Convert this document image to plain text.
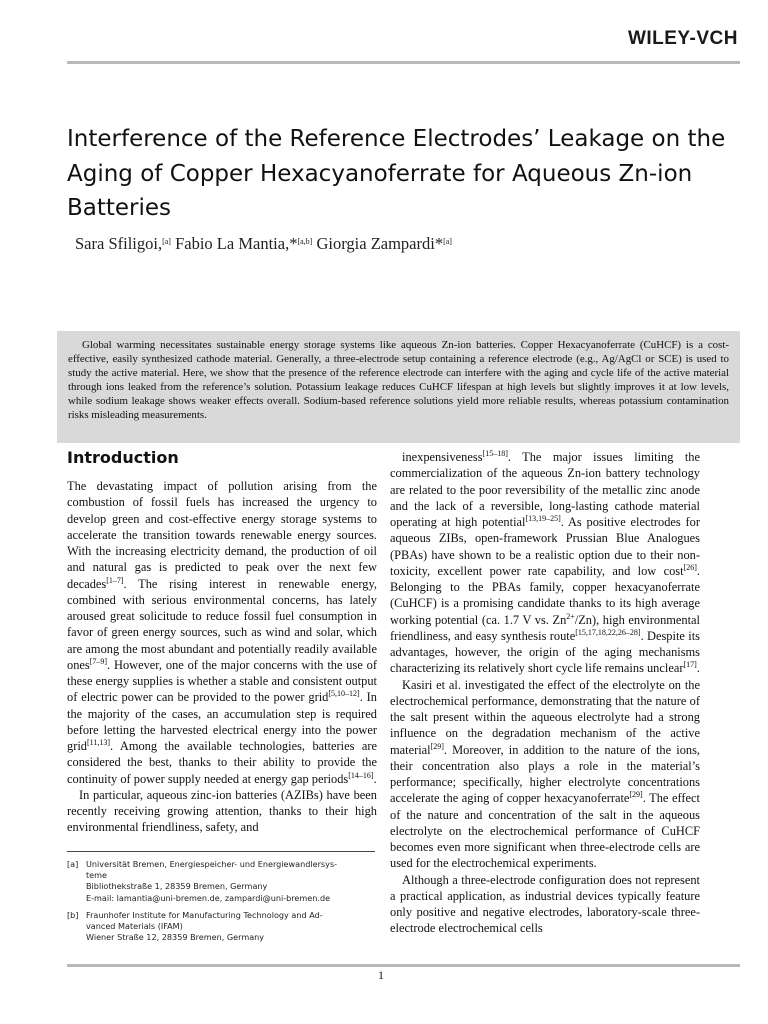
WILEY-VCH
Interference of the Reference Electrodes’ Leakage on the Aging of Copper Hexacyanoferrate for Aqueous Zn-ion Batteries
Sara Sfiligoi,[a] Fabio La Mantia,*[a,b] Giorgia Zampardi*[a]
Global warming necessitates sustainable energy storage systems like aqueous Zn-ion batteries. Copper Hexacyanoferrate (CuHCF) is a cost-effective, easily synthesized cathode material. Generally, a three-electrode setup containing a reference electrode (e.g., Ag/AgCl or SCE) is used to study the active material. Here, we show that the presence of the reference electrode can interfere with the aging and cycle life of the active material through ions leaked from the reference’s solution. Potassium leakage reduces CuHCF lifespan at high levels but slightly improves it at low levels, while sodium leakage shows weaker effects overall. Sodium-based reference solutions yield more reliable results, whereas potassium contamination risks misleading measurements.
Introduction

The devastating impact of pollution arising from the combustion of fossil fuels has increased the urgency to develop green and cost-effective energy storage systems to accelerate the transition towards renewable energy sources. With the increasing electricity demand, the production of oil and natural gas is predicted to peak over the next few decades[1–7]. The rising interest in renewable energy, combined with serious environmental concerns, has lately aroused great solicitude to reduce fossil fuel consumption in favor of green energy sources, such as wind and solar, which are among the most abundant and potentially readily available ones[7–9]. However, one of the major concerns with the use of these energy supplies is whether a stable and consistent output of electric power can be provided to the power grid[5,10–12]. In the majority of the cases, an accumulation step is required before letting the harvested electrical energy into the power grid[11,13]. Among the available technologies, batteries are considered the best, thanks to their ability to provide the continuity of power supply needed at energy gap periods[14–16].

In particular, aqueous zinc-ion batteries (AZIBs) have been recently receiving growing attention, thanks to their high environmental friendliness, safety, and

inexpensiveness[15–18]. The major issues limiting the commercialization of the aqueous Zn-ion battery technology are related to the poor reversibility of the metallic zinc anode and the lack of a reversible, long-lasting cathode material operating at high potential[13,19–25]. As positive electrodes for aqueous ZIBs, open-framework Prussian Blue Analogues (PBAs) have shown to be a realistic option due to their non-toxicity, excellent power rate capability, and low cost[26]. Belonging to the PBAs family, copper hexacyanoferrate (CuHCF) is a promising candidate thanks to its high average working potential (ca. 1.7 V vs. $Zn^{2+}/Zn$), high environmental friendliness, and easy synthesis route[15,17,18,22,26–28]. Despite its advantages, however, the origin of the aging mechanisms characterizing its relatively short cycle life remains unclear[17].

Kasiri et al. investigated the effect of the electrolyte on the electrochemical performance, demonstrating that the nature of the salt present within the aqueous electrolyte had a strong influence on the degradation mechanism of the active material[29]. Moreover, in addition to the nature of the ions, their concentration also plays a role in the material’s performance; specifically, higher electrolyte concentrations accelerate the aging of copper hexacyanoferrate[29]. The effect of the nature and concentration of the salt in the aqueous electrolyte on the electrochemical performance of CuHCF becomes even more significant when three-electrode cells are used for the electrochemical experiments.

Although a three-electrode configuration does not represent a practical application, as industrial devices typically feature only positive and negative electrodes, laboratory-scale three-electrode electrochemical cells

[a] Universität Bremen, Energiespeicher- und Energiewandlersys-
teme
Bibliothekstraße 1, 28359 Bremen, Germany
E-mail: lamantia@uni-bremen.de, zampardi@uni-bremen.de
[b] Fraunhofer Institute for Manufacturing Technology and Ad-
vanced Materials (IFAM)
Wiener Straße 12, 28359 Bremen, Germany
1
